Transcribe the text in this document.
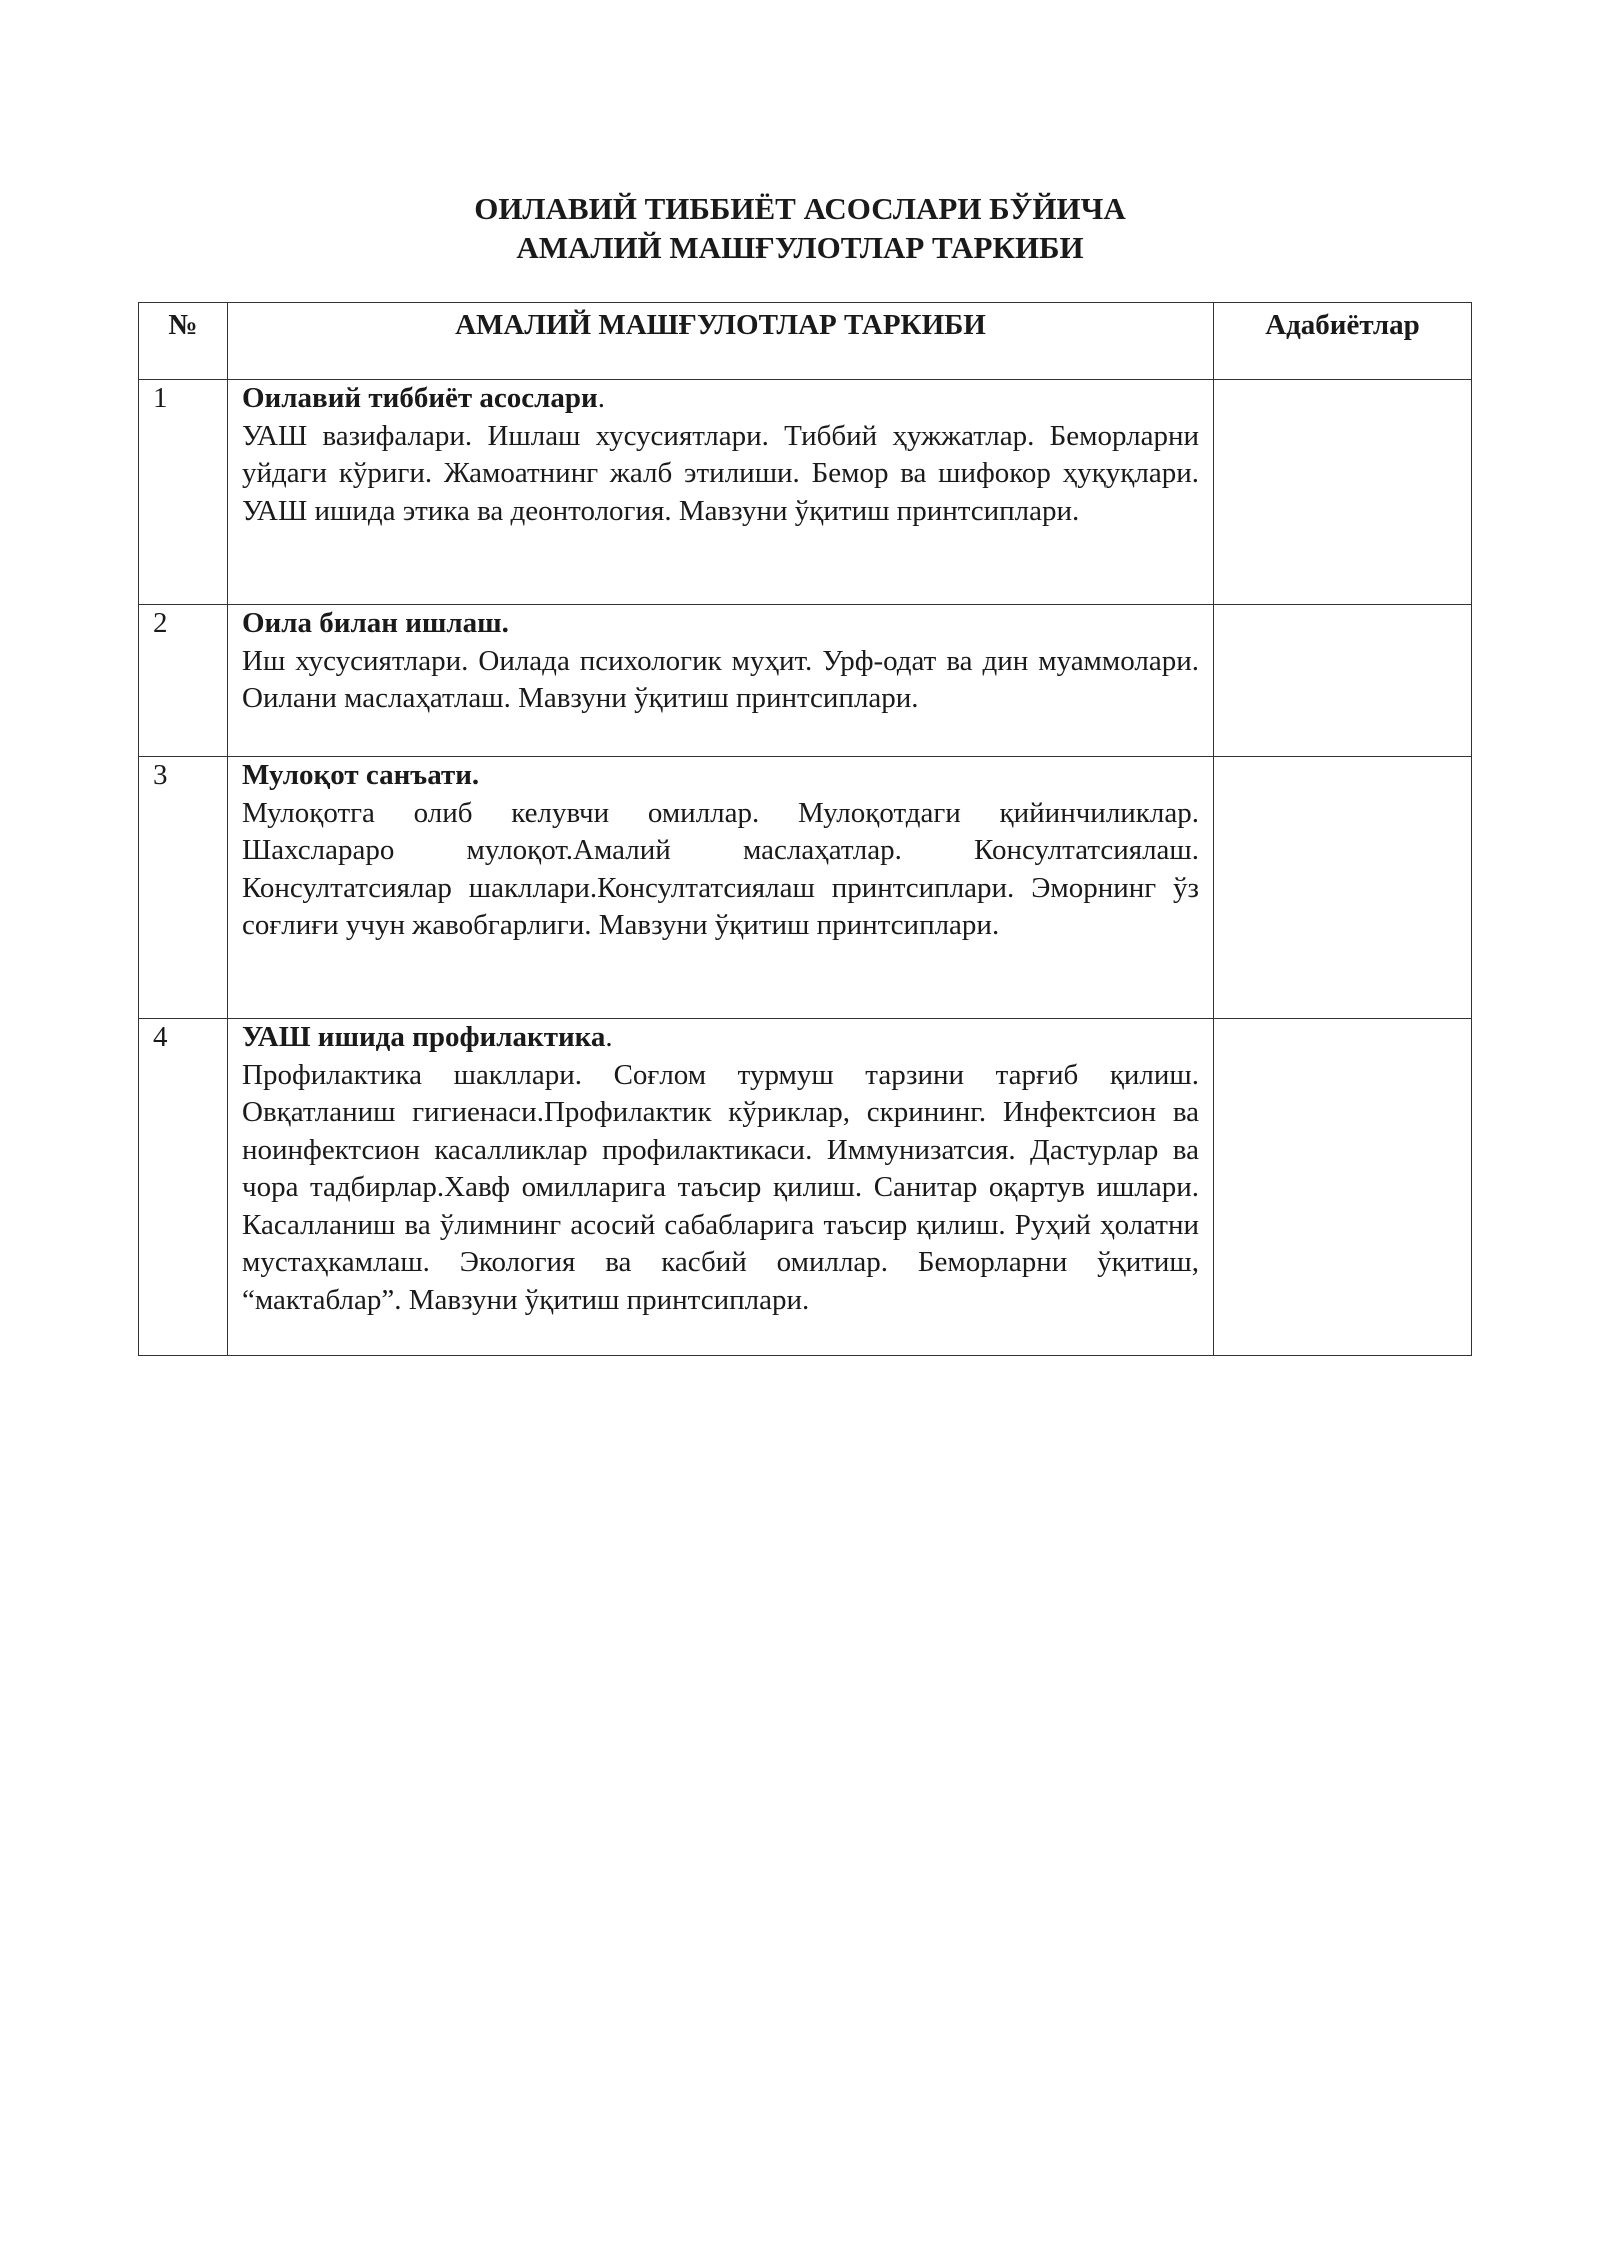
ОИЛАВИЙ ТИББИЁТ АСОСЛАРИ БЎЙИЧА
АМАЛИЙ МАШҒУЛОТЛАР ТАРКИБИ
№	АМАЛИЙ МАШҒУЛОТЛАР ТАРКИБИ	Адабиётлар

1	Оилавий тиббиёт асослари.
УАШ вазифалари. Ишлаш хусусиятлари. Тиббий ҳужжатлар. Беморларни уйдаги кўриги. Жамоатнинг жалб этилиши. Бемор ва шифокор ҳуқуқлари. УАШ ишида этика ва деонтология. Мавзуни ўқитиш принтсиплари.	

2	Оила билан ишлаш.
Иш хусусиятлари. Оилада психологик муҳит. Урф-одат ва дин муаммолари. Оилани маслаҳатлаш. Мавзуни ўқитиш принтсиплари.	

3	Мулоқот санъати.
Мулоқотга олиб келувчи омиллар. Мулоқотдаги қийинчиликлар. Шахслараро мулоқот.Амалий маслаҳатлар. Консултатсиялаш. Консултатсиялар шакллари.Консултатсиялаш принтсиплари. Эморнинг ўз соғлиғи учун жавобгарлиги. Мавзуни ўқитиш принтсиплари.	

4	УАШ ишида профилактика.
Профилактика шакллари. Соғлом турмуш тарзини тарғиб қилиш. Овқатланиш гигиенаси.Профилактик кўриклар, скрининг. Инфектсион ва ноинфектсион касалликлар профилактикаси. Иммунизатсия. Дастурлар ва чора тадбирлар.Хавф омилларига таъсир қилиш. Санитар оқартув ишлари. Касалланиш ва ўлимнинг асосий сабабларига таъсир қилиш. Руҳий ҳолатни мустаҳкамлаш. Экология ва касбий омиллар. Беморларни ўқитиш, “мактаблар”. Мавзуни ўқитиш принтсиплари.	
